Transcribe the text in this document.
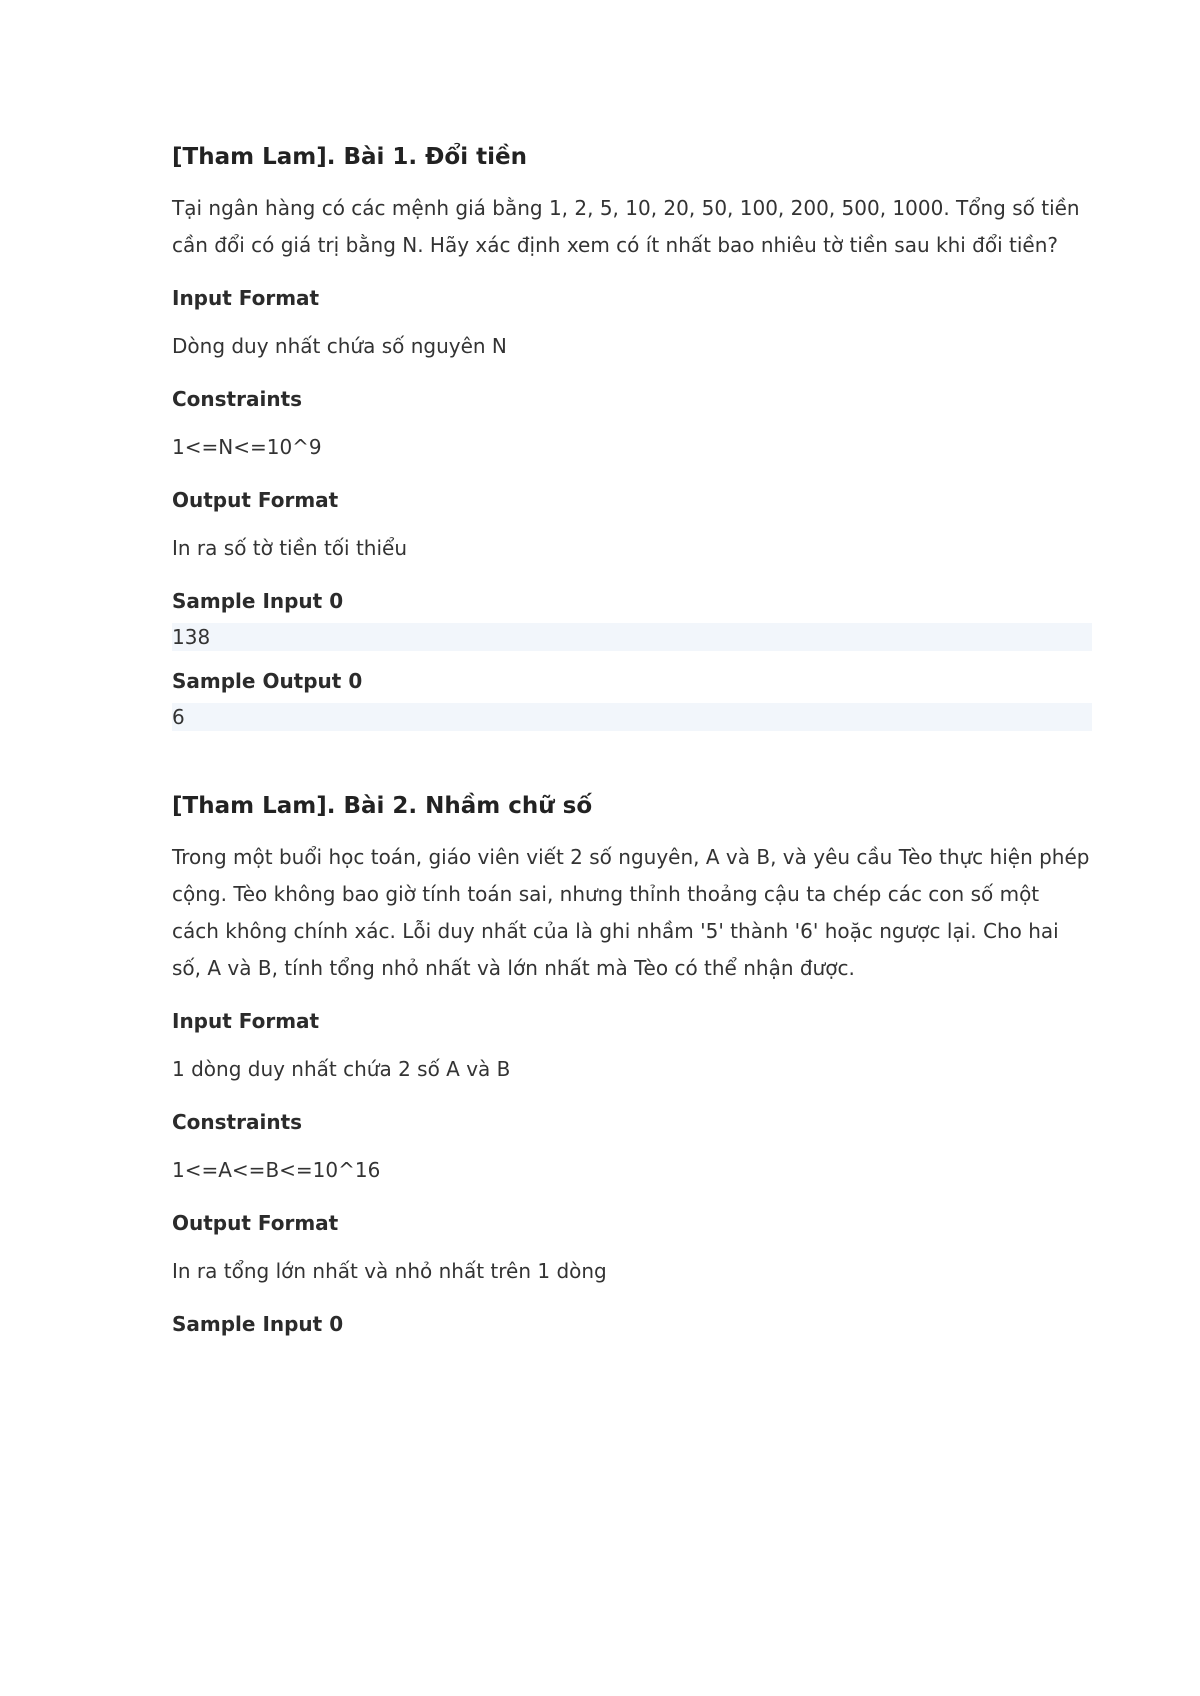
[Tham Lam]. Bài 1. Đổi tiền

Tại ngân hàng có các mệnh giá bằng 1, 2, 5, 10, 20, 50, 100, 200, 500, 1000. Tổng số tiền cần đổi có giá trị bằng N. Hãy xác định xem có ít nhất bao nhiêu tờ tiền sau khi đổi tiền?

Input Format

Dòng duy nhất chứa số nguyên N

Constraints

1<=N<=10^9

Output Format

In ra số tờ tiền tối thiểu

Sample Input 0
138
Sample Output 0
6
[Tham Lam]. Bài 2. Nhầm chữ số

Trong một buổi học toán, giáo viên viết 2 số nguyên, A và B, và yêu cầu Tèo thực hiện phép cộng. Tèo không bao giờ tính toán sai, nhưng thỉnh thoảng cậu ta chép các con số một cách không chính xác. Lỗi duy nhất của là ghi nhầm '5' thành '6' hoặc ngược lại. Cho hai số, A và B, tính tổng nhỏ nhất và lớn nhất mà Tèo có thể nhận được.

Input Format

1 dòng duy nhất chứa 2 số A và B

Constraints

1<=A<=B<=10^16

Output Format

In ra tổng lớn nhất và nhỏ nhất trên 1 dòng

Sample Input 0
